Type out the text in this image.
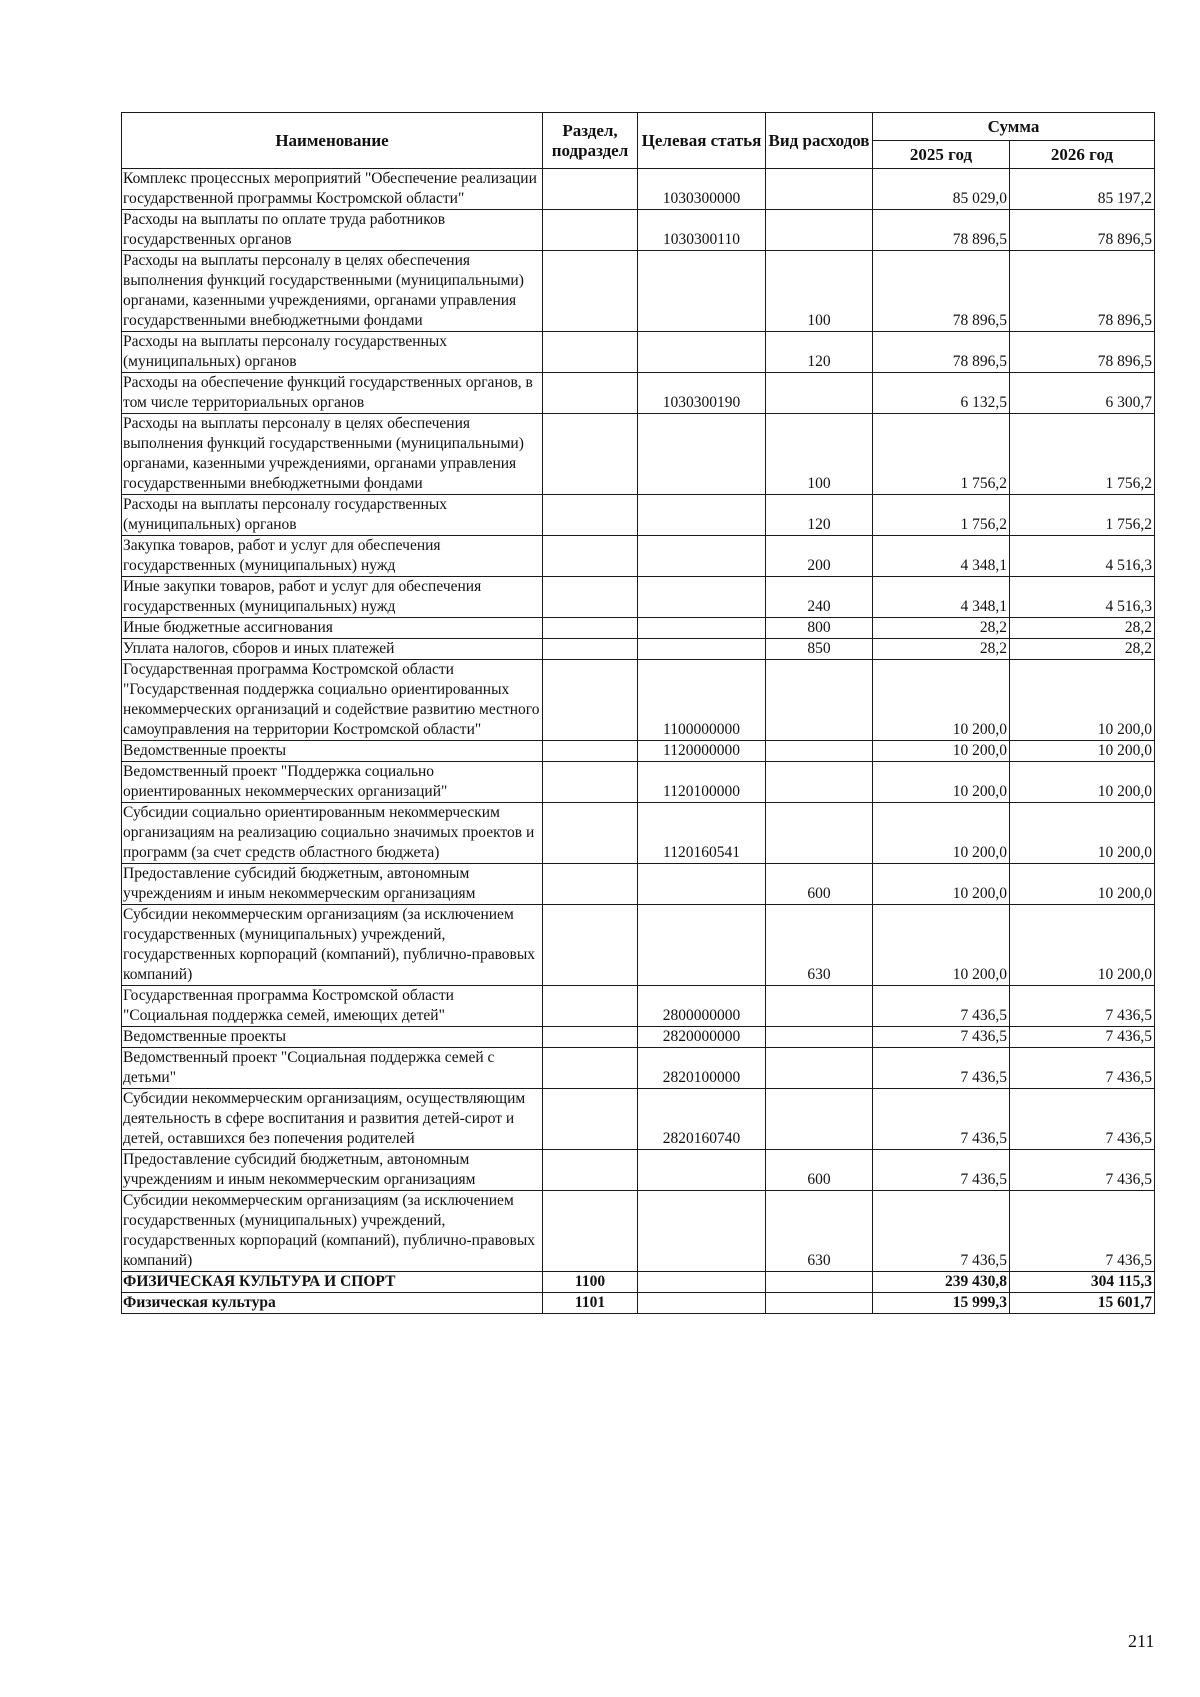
Наименование	Раздел, подраздел	Целевая статья	Вид расходов	Сумма	
				2025 год	2026 год
Комплекс процессных мероприятий "Обеспечение реализации государственной программы Костромской области"		1030300000		85 029,0	85 197,2
Расходы на выплаты по оплате труда работников государственных органов		1030300110		78 896,5	78 896,5
Расходы на выплаты персоналу в целях обеспечения выполнения функций государственными (муниципальными) органами, казенными учреждениями, органами управления государственными внебюджетными фондами			100	78 896,5	78 896,5
Расходы на выплаты персоналу государственных (муниципальных) органов			120	78 896,5	78 896,5
Расходы на обеспечение функций государственных органов, в том числе территориальных органов		1030300190		6 132,5	6 300,7
Расходы на выплаты персоналу в целях обеспечения выполнения функций государственными (муниципальными) органами, казенными учреждениями, органами управления государственными внебюджетными фондами			100	1 756,2	1 756,2
Расходы на выплаты персоналу государственных (муниципальных) органов			120	1 756,2	1 756,2
Закупка товаров, работ и услуг для обеспечения государственных (муниципальных) нужд			200	4 348,1	4 516,3
Иные закупки товаров, работ и услуг для обеспечения государственных (муниципальных) нужд			240	4 348,1	4 516,3
Иные бюджетные ассигнования			800	28,2	28,2
Уплата налогов, сборов и иных платежей			850	28,2	28,2
Государственная программа Костромской области "Государственная поддержка социально ориентированных некоммерческих организаций и содействие развитию местного самоуправления на территории Костромской области"		1100000000		10 200,0	10 200,0
Ведомственные проекты		1120000000		10 200,0	10 200,0
Ведомственный проект "Поддержка социально ориентированных некоммерческих организаций"		1120100000		10 200,0	10 200,0
Субсидии социально ориентированным некоммерческим организациям на реализацию социально значимых проектов и программ (за счет средств областного бюджета)		1120160541		10 200,0	10 200,0
Предоставление субсидий бюджетным, автономным учреждениям и иным некоммерческим организациям			600	10 200,0	10 200,0
Субсидии некоммерческим организациям (за исключением государственных (муниципальных) учреждений, государственных корпораций (компаний), публично-правовых компаний)			630	10 200,0	10 200,0
Государственная программа Костромской области "Социальная поддержка семей, имеющих детей"		2800000000		7 436,5	7 436,5
Ведомственные проекты		2820000000		7 436,5	7 436,5
Ведомственный проект "Социальная поддержка семей с детьми"		2820100000		7 436,5	7 436,5
Субсидии некоммерческим организациям, осуществляющим деятельность в сфере воспитания и развития детей-сирот и детей, оставшихся без попечения родителей		2820160740		7 436,5	7 436,5
Предоставление субсидий бюджетным, автономным учреждениям и иным некоммерческим организациям			600	7 436,5	7 436,5
Субсидии некоммерческим организациям (за исключением государственных (муниципальных) учреждений, государственных корпораций (компаний), публично-правовых компаний)			630	7 436,5	7 436,5
ФИЗИЧЕСКАЯ КУЛЬТУРА И СПОРТ	1100			239 430,8	304 115,3
Физическая культура	1101			15 999,3	15 601,7
211
